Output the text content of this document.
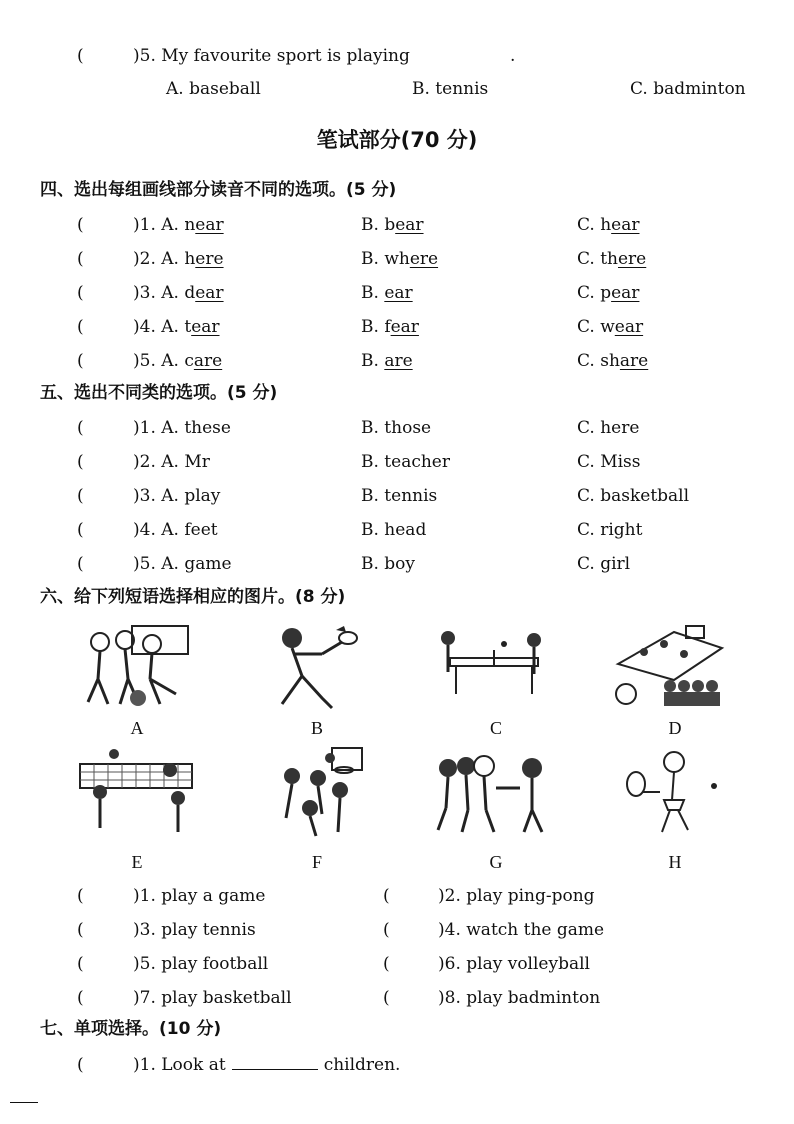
(	)5. My favourite sport is playing	.
A. baseball	B. tennis	C. badminton
笔试部分(70 分)
四、选出每组画线部分读音不同的选项。(5 分)
(	)1. A. near	B. bear	C. hear
(	)2. A. here	B. where	C. there
(	)3. A. dear	B. ear	C. pear
(	)4. A. tear	B. fear	C. wear
(	)5. A. care	B. are	C. share
五、选出不同类的选项。(5 分)
(	)1. A. these	B. those	C. here
(	)2. A. Mr	B. teacher	C. Miss
(	)3. A. play	B. tennis	C. basketball
(	)4. A. feet	B. head	C. right
(	)5. A. game	B. boy	C. girl
六、给下列短语选择相应的图片。(8 分)
A	B	C	D
E	F	G	H
(	)1. play a game	(	)2. play ping-pong
(	)3. play tennis	(	)4. watch the game
(	)5. play football	(	)6. play volleyball
(	)7. play basketball	(	)8. play badminton
七、单项选择。(10 分)
(	)1. Look at	children.
